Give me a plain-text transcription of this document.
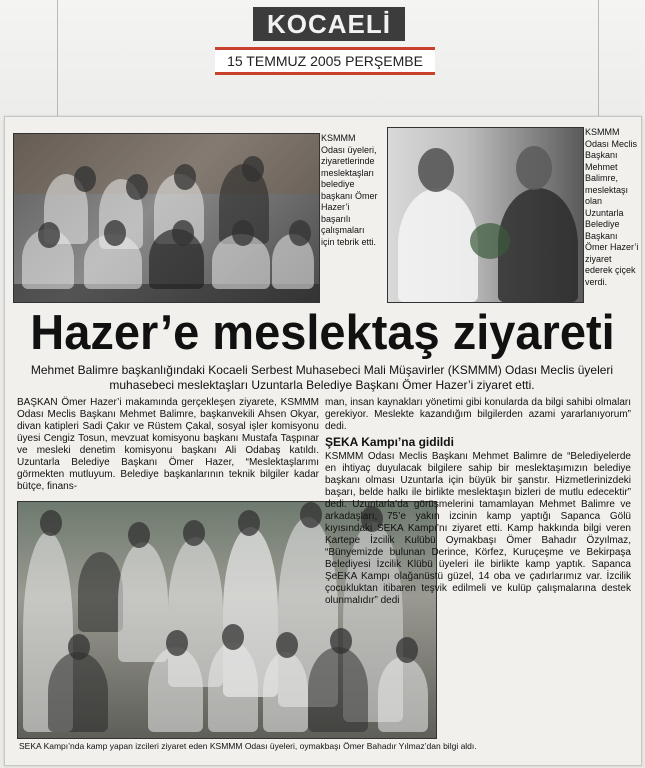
KOCAELİ
15 TEMMUZ 2005 PERŞEMBE
KSMMM Odası üyeleri, ziyaretlerinde meslektaşları belediye başkanı Ömer Hazer’i başarılı çalışmaları için tebrik etti.
KSMMM Odası Meclis Başkanı Mehmet Balimre, meslektaşı olan Uzuntarla Belediye Başkanı Ömer Hazer’i ziyaret ederek çiçek verdi.
Hazer’e meslektaş ziyareti
Mehmet Balimre başkanlığındaki Kocaeli Serbest Muhasebeci Mali Müşavirler (KSMMM) Odası Meclis üyeleri muhasebeci meslektaşları Uzuntarla Belediye Başkanı Ömer Hazer’i ziyaret etti.

BAŞKAN Ömer Hazer’i makamında gerçekleşen ziyarete, KSMMM Odası Meclis Başkanı Mehmet Balimre, başkanvekili Ahsen Okyar, divan katipleri Sadi Çakır ve Rüstem Çakal, sosyal işler komisyonu üyesi Cengiz Tosun, mevzuat komisyonu başkanı Mustafa Taşpınar ve mesleki denetim komisyonu başkanı Ali Odabaş katıldı. Uzuntarla Belediye Başkanı Ömer Hazer, “Meslektaşlarımı görmekten mutluyum. Belediye başkanlarının teknik bilgiler kadar bütçe, finans-

man, insan kaynakları yönetimi gibi konularda da bilgi sahibi olmaları gerekiyor. Meslekte kazandığım bilgilerden azami yararlanıyorum” dedi.

ŞEKA Kampı’na gidildi

KSMMM Odası Meclis Başkanı Mehmet Balimre de “Belediyelerde en ihtiyaç duyulacak bilgilere sahip bir meslektaşımızın belediye başkanı olması Uzuntarla için büyük bir şanstır. Hizmetlerinizdeki başarı, belde halkı ile birlikte meslektaşın bizleri de mutlu edecektir” dedi. Uzuntarla’da görüşmelerini tamamlayan Mehmet Balimre ve arkadaşları, 75’e yakın izcinin kamp yaptığı Sapanca Gölü kıyısındaki SEKA Kampı’nı ziyaret etti. Kamp hakkında bilgi veren Kartepe İzcilik Kulübü Oymakbaşı Ömer Bahadır Özyılmaz, “Bünyemizde bulunan Derince, Körfez, Kuruçeşme ve Bekirpaşa Belediyesi İzcilik Klübü üyeleri ile birlikte kamp yaptık. Sapanca ŞeEKA Kampı olağanüstü güzel, 14 oba ve çadırlarımız var. İzcilik çocukluktan itibaren teşvik edilmeli ve kulüp çalışmalarına destek olunmalıdır” dedi

SEKA Kampı’nda kamp yapan izcileri ziyaret eden KSMMM Odası üyeleri, oymakbaşı Ömer Bahadır Yılmaz’dan bilgi aldı.
